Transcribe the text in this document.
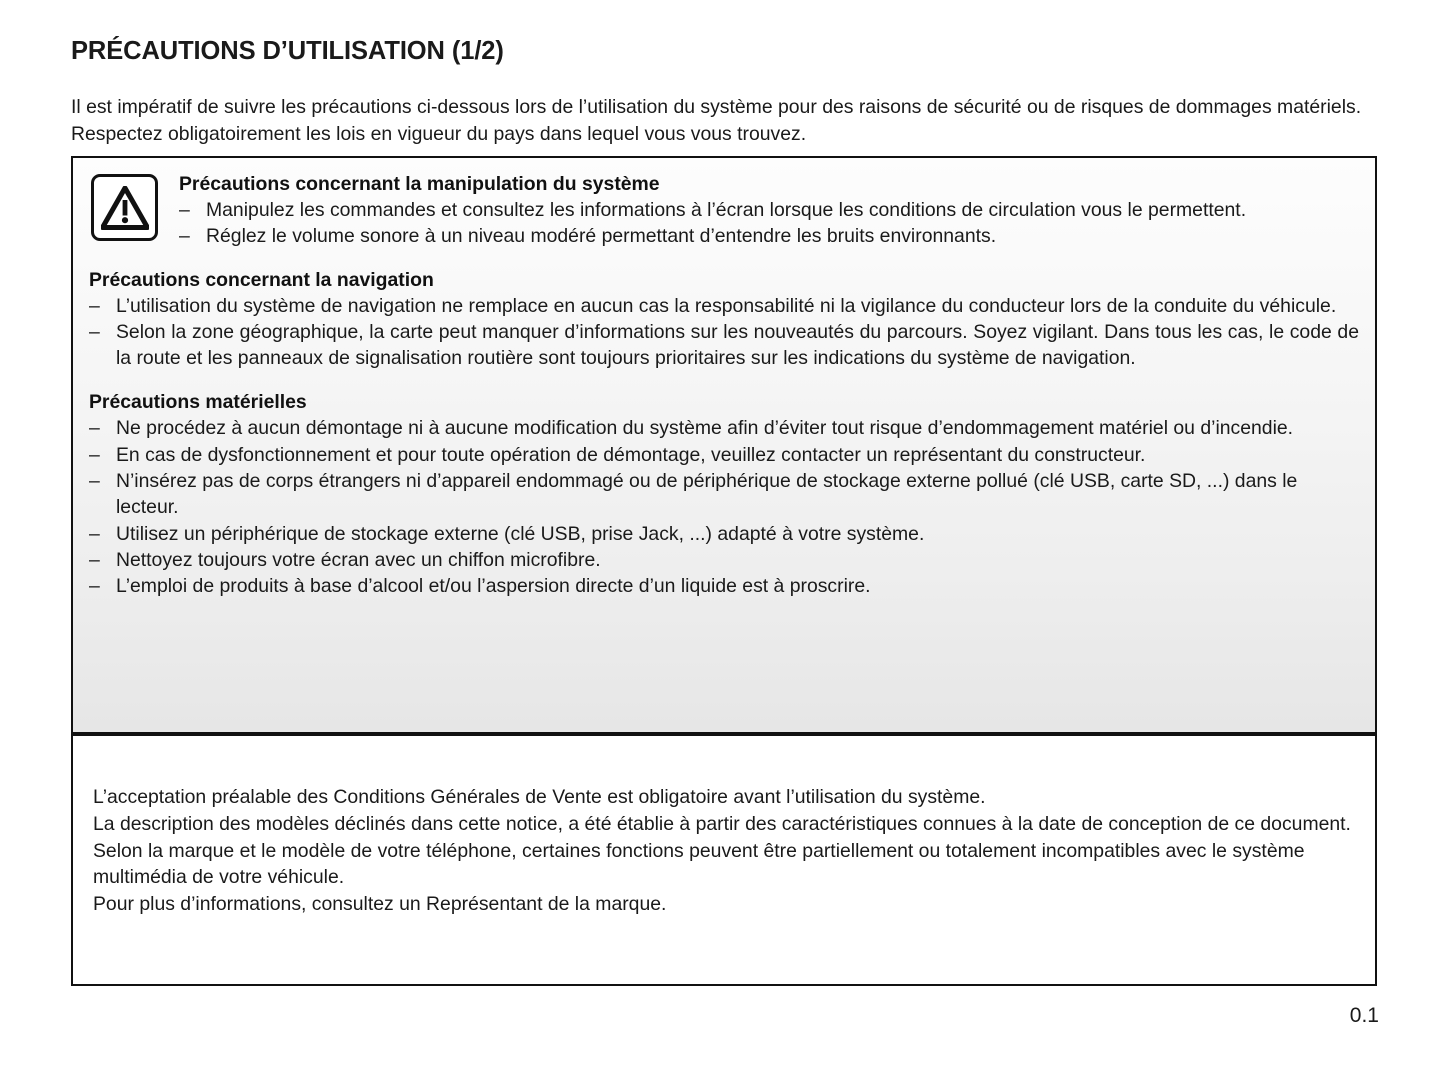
PRÉCAUTIONS D’UTILISATION (1/2)

Il est impératif de suivre les précautions ci-dessous lors de l’utilisation du système pour des raisons de sécurité ou de risques de dommages matériels. Respectez obligatoirement les lois en vigueur du pays dans lequel vous vous trouvez.

Précautions concernant la manipulation du système
– Manipulez les commandes et consultez les informations à l’écran lorsque les conditions de circulation vous le permettent.
– Réglez le volume sonore à un niveau modéré permettant d’entendre les bruits environnants.
Précautions concernant la navigation
– L’utilisation du système de navigation ne remplace en aucun cas la responsabilité ni la vigilance du conducteur lors de la conduite du véhicule.
– Selon la zone géographique, la carte peut manquer d’informations sur les nouveautés du parcours. Soyez vigilant. Dans tous les cas, le code de la route et les panneaux de signalisation routière sont toujours prioritaires sur les indications du système de navigation.
Précautions matérielles
– Ne procédez à aucun démontage ni à aucune modification du système afin d’éviter tout risque d’endommagement matériel ou d’incendie.
– En cas de dysfonctionnement et pour toute opération de démontage, veuillez contacter un représentant du constructeur.
– N’insérez pas de corps étrangers ni d’appareil endommagé ou de périphérique de stockage externe pollué (clé USB, carte SD, ...) dans le lecteur.
– Utilisez un périphérique de stockage externe (clé USB, prise Jack, ...) adapté à votre système.
– Nettoyez toujours votre écran avec un chiffon microfibre.
– L’emploi de produits à base d’alcool et/ou l’aspersion directe d’un liquide est à proscrire.

L’acceptation préalable des Conditions Générales de Vente est obligatoire avant l’utilisation du système.

La description des modèles déclinés dans cette notice, a été établie à partir des caractéristiques connues à la date de conception de ce document. Selon la marque et le modèle de votre téléphone, certaines fonctions peuvent être partiellement ou totalement incompatibles avec le système multimédia de votre véhicule.

Pour plus d’informations, consultez un Représentant de la marque.

0.1
